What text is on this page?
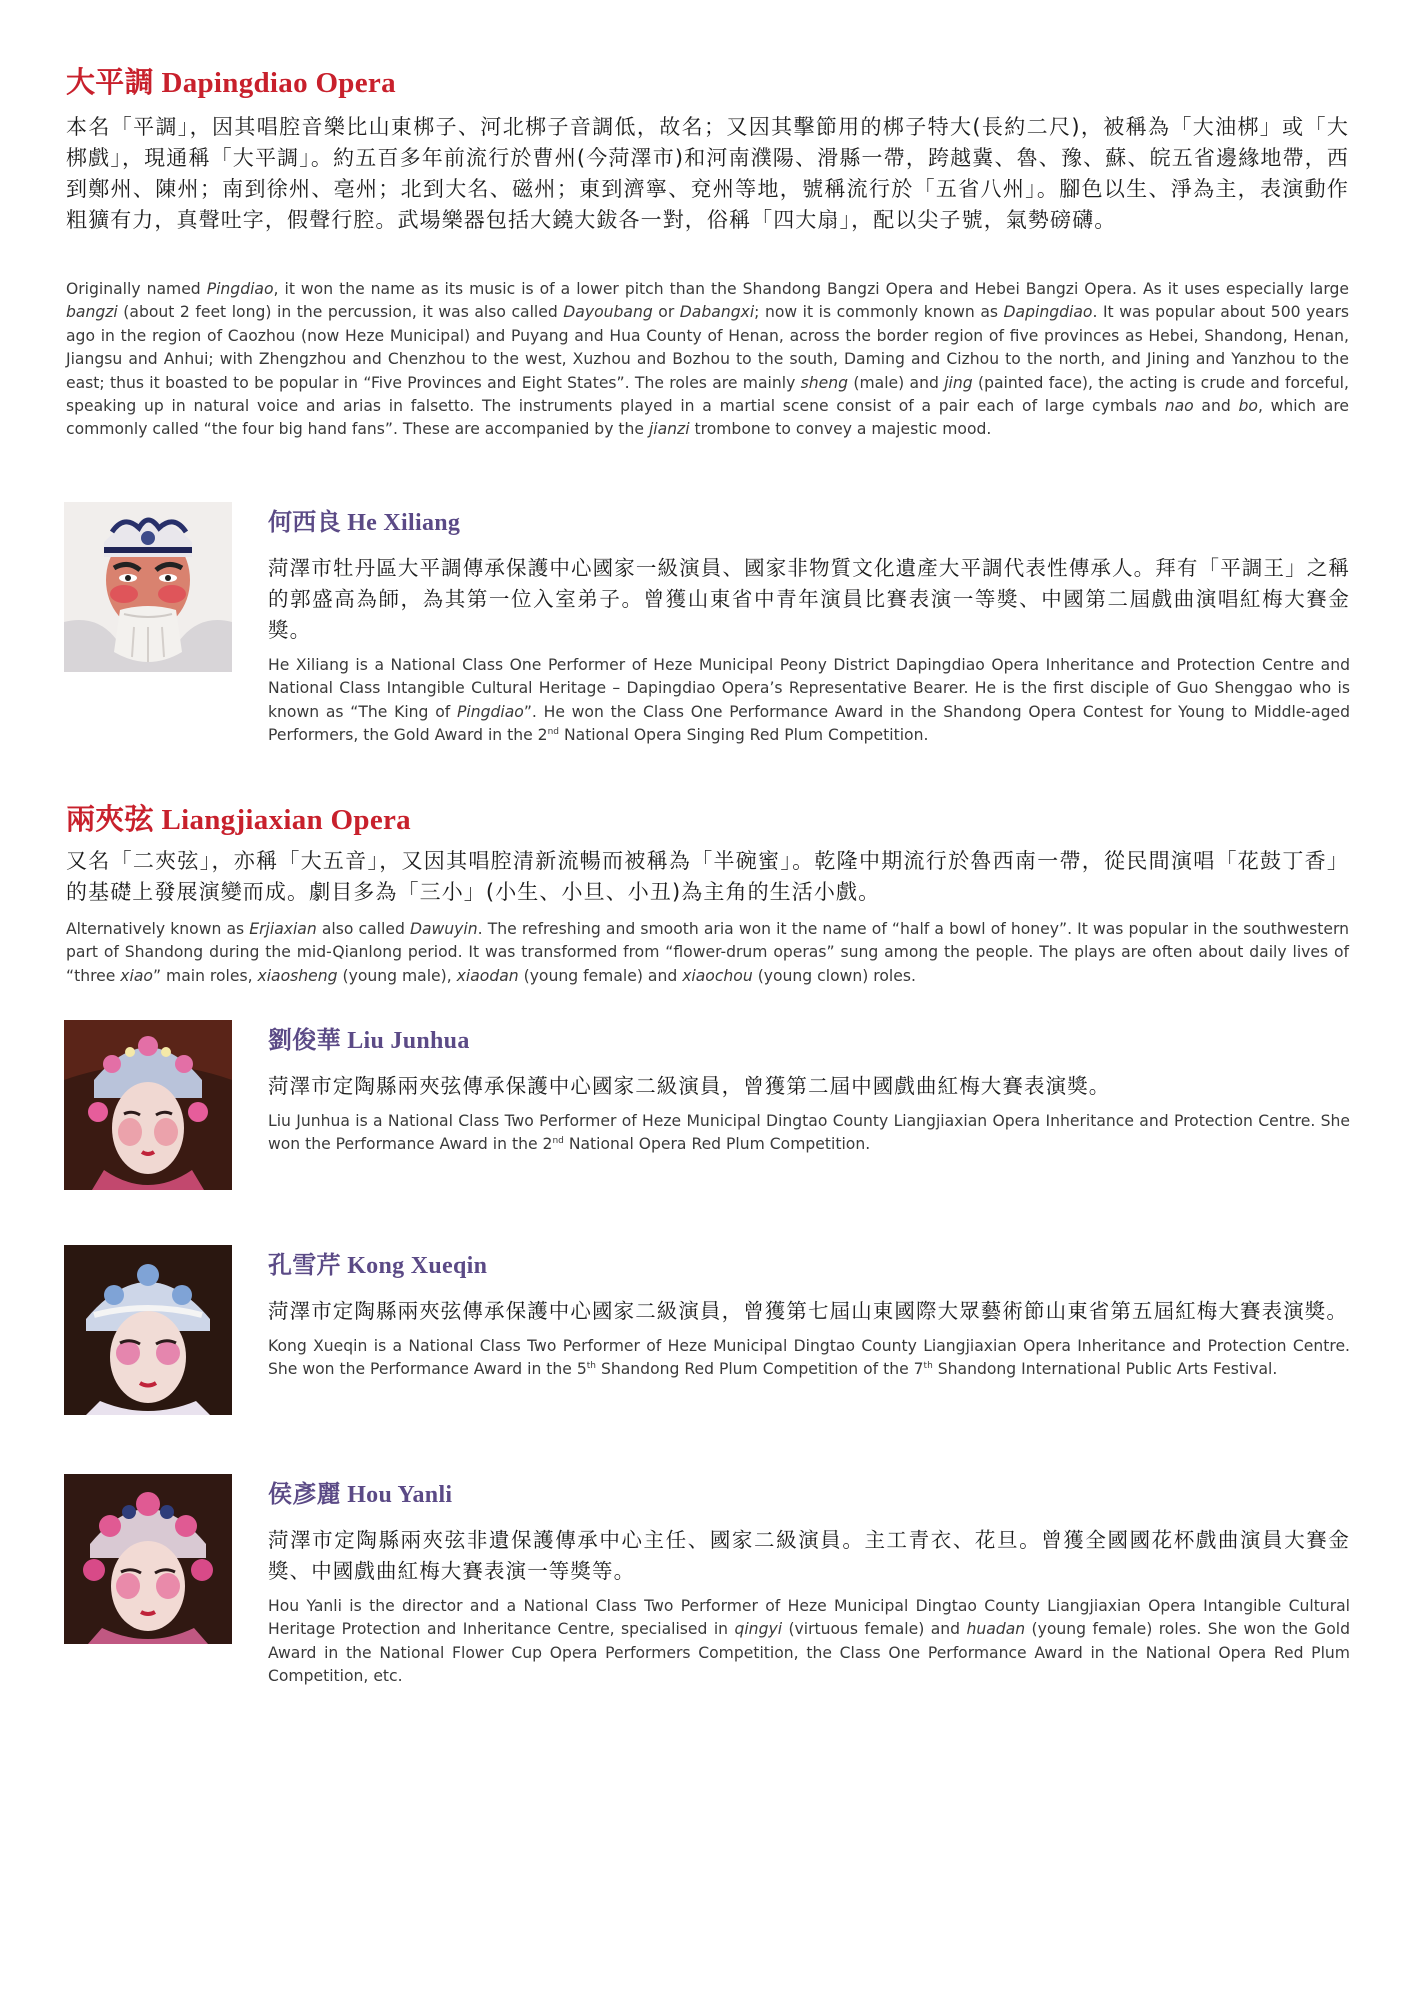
大平調 Dapingdiao Opera

本名「平調」，因其唱腔音樂比山東梆子、河北梆子音調低，故名；又因其擊節用的梆子特大(長約二尺)，被稱為「大油梆」或「大梆戲」，現通稱「大平調」。約五百多年前流行於曹州(今菏澤市)和河南濮陽、滑縣一帶，跨越冀、魯、豫、蘇、皖五省邊緣地帶，西到鄭州、陳州；南到徐州、亳州；北到大名、磁州；東到濟寧、兗州等地，號稱流行於「五省八州」。腳色以生、淨為主，表演動作粗獷有力，真聲吐字，假聲行腔。武場樂器包括大鐃大鈸各一對，俗稱「四大扇」，配以尖子號，氣勢磅礴。

Originally named Pingdiao, it won the name as its music is of a lower pitch than the Shandong Bangzi Opera and Hebei Bangzi Opera. As it uses especially large bangzi (about 2 feet long) in the percussion, it was also called Dayoubang or Dabangxi; now it is commonly known as Dapingdiao. It was popular about 500 years ago in the region of Caozhou (now Heze Municipal) and Puyang and Hua County of Henan, across the border region of five provinces as Hebei, Shandong, Henan, Jiangsu and Anhui; with Zhengzhou and Chenzhou to the west, Xuzhou and Bozhou to the south, Daming and Cizhou to the north, and Jining and Yanzhou to the east; thus it boasted to be popular in “Five Provinces and Eight States”. The roles are mainly sheng (male) and jing (painted face), the acting is crude and forceful, speaking up in natural voice and arias in falsetto. The instruments played in a martial scene consist of a pair each of large cymbals nao and bo, which are commonly called “the four big hand fans”. These are accompanied by the jianzi trombone to convey a majestic mood.

何西良 He Xiliang

菏澤市牡丹區大平調傳承保護中心國家一級演員、國家非物質文化遺產大平調代表性傳承人。拜有「平調王」之稱的郭盛高為師，為其第一位入室弟子。曾獲山東省中青年演員比賽表演一等獎、中國第二屆戲曲演唱紅梅大賽金獎。

He Xiliang is a National Class One Performer of Heze Municipal Peony District Dapingdiao Opera Inheritance and Protection Centre and National Class Intangible Cultural Heritage – Dapingdiao Opera’s Representative Bearer. He is the first disciple of Guo Shenggao who is known as “The King of Pingdiao”. He won the Class One Performance Award in the Shandong Opera Contest for Young to Middle-aged Performers, the Gold Award in the 2nd National Opera Singing Red Plum Competition.

兩夾弦 Liangjiaxian Opera

又名「二夾弦」，亦稱「大五音」，又因其唱腔清新流暢而被稱為「半碗蜜」。乾隆中期流行於魯西南一帶，從民間演唱「花鼓丁香」的基礎上發展演變而成。劇目多為「三小」(小生、小旦、小丑)為主角的生活小戲。

Alternatively known as Erjiaxian also called Dawuyin. The refreshing and smooth aria won it the name of “half a bowl of honey”. It was popular in the southwestern part of Shandong during the mid-Qianlong period. It was transformed from “flower-drum operas” sung among the people. The plays are often about daily lives of “three xiao” main roles, xiaosheng (young male), xiaodan (young female) and xiaochou (young clown) roles.

劉俊華 Liu Junhua

菏澤市定陶縣兩夾弦傳承保護中心國家二級演員，曾獲第二屆中國戲曲紅梅大賽表演獎。

Liu Junhua is a National Class Two Performer of Heze Municipal Dingtao County Liangjiaxian Opera Inheritance and Protection Centre. She won the Performance Award in the 2nd National Opera Red Plum Competition.

孔雪芹 Kong Xueqin

菏澤市定陶縣兩夾弦傳承保護中心國家二級演員，曾獲第七屆山東國際大眾藝術節山東省第五屆紅梅大賽表演獎。

Kong Xueqin is a National Class Two Performer of Heze Municipal Dingtao County Liangjiaxian Opera Inheritance and Protection Centre. She won the Performance Award in the 5th Shandong Red Plum Competition of the 7th Shandong International Public Arts Festival.

侯彥麗 Hou Yanli

菏澤市定陶縣兩夾弦非遺保護傳承中心主任、國家二級演員。主工青衣、花旦。曾獲全國國花杯戲曲演員大賽金獎、中國戲曲紅梅大賽表演一等獎等。

Hou Yanli is the director and a National Class Two Performer of Heze Municipal Dingtao County Liangjiaxian Opera Intangible Cultural Heritage Protection and Inheritance Centre, specialised in qingyi (virtuous female) and huadan (young female) roles. She won the Gold Award in the National Flower Cup Opera Performers Competition, the Class One Performance Award in the National Opera Red Plum Competition, etc.
